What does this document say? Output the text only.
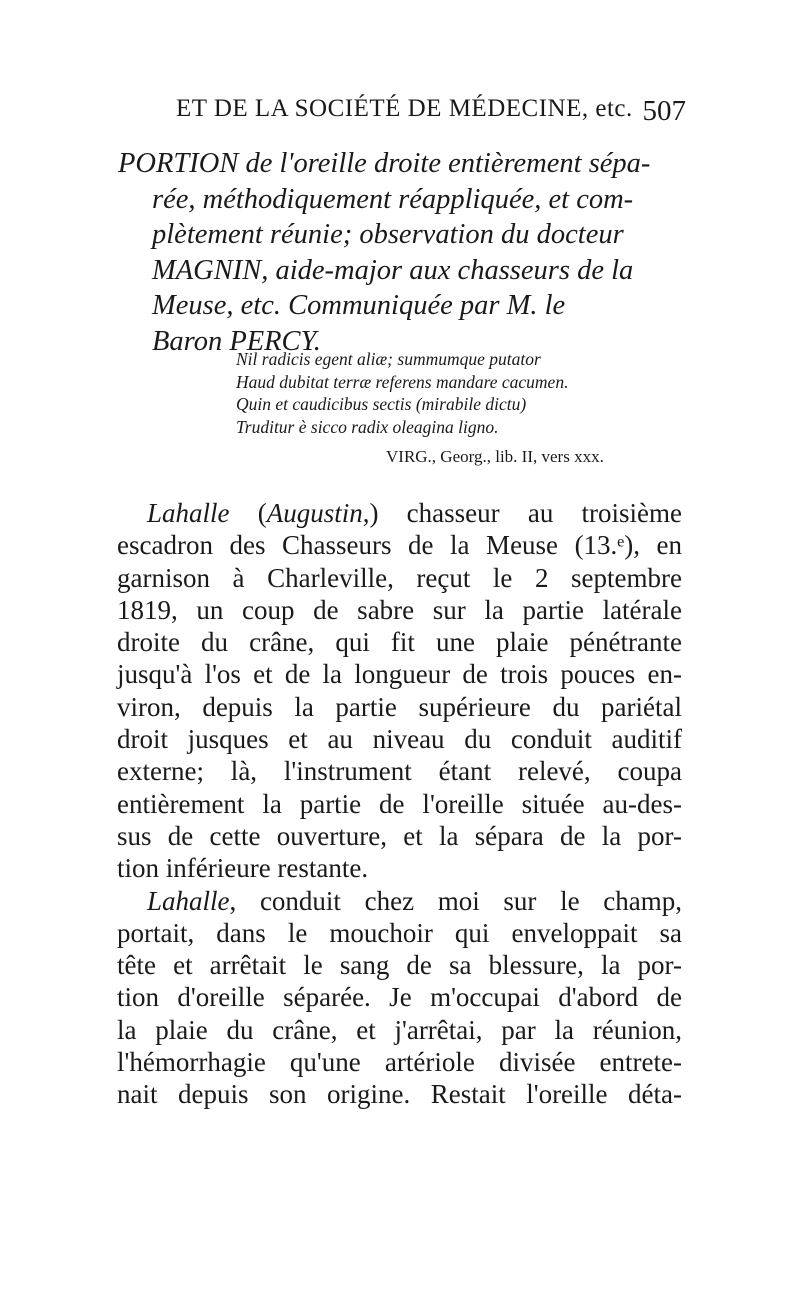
ET DE LA SOCIÉTÉ DE MÉDECINE, etc. 507
PORTION de l'oreille droite entièrement sépa-
rée, méthodiquement réappliquée, et com-
plètement réunie; observation du docteur
MAGNIN, aide-major aux chasseurs de la
Meuse, etc. Communiquée par M. le
Baron PERCY.
Nil radicis egent aliæ; summumque putator
Haud dubitat terræ referens mandare cacumen.
Quin et caudicibus sectis (mirabile dictu)
Truditur è sicco radix oleagina ligno.
VIRG., Georg., lib. II, vers xxx.
Lahalle (Augustin,) chasseur au troisième
escadron des Chasseurs de la Meuse (13.ᵉ), en
garnison à Charleville, reçut le 2 septembre
1819, un coup de sabre sur la partie latérale
droite du crâne, qui fit une plaie pénétrante
jusqu'à l'os et de la longueur de trois pouces en-
viron, depuis la partie supérieure du pariétal
droit jusques et au niveau du conduit auditif
externe; là, l'instrument étant relevé, coupa
entièrement la partie de l'oreille située au-des-
sus de cette ouverture, et la sépara de la por-
tion inférieure restante.
Lahalle, conduit chez moi sur le champ,
portait, dans le mouchoir qui enveloppait sa
tête et arrêtait le sang de sa blessure, la por-
tion d'oreille séparée. Je m'occupai d'abord de
la plaie du crâne, et j'arrêtai, par la réunion,
l'hémorrhagie qu'une artériole divisée entrete-
nait depuis son origine. Restait l'oreille déta-
